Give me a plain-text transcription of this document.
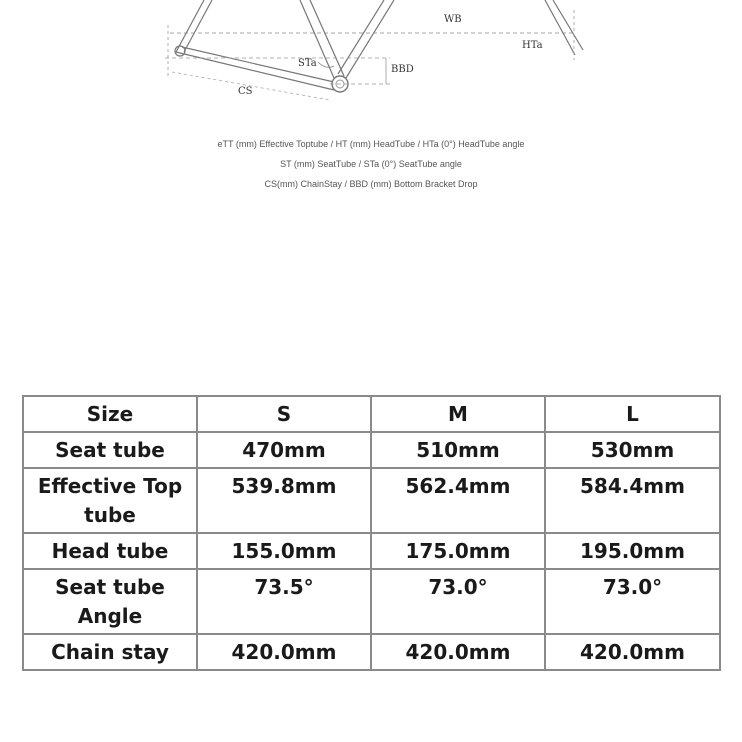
WB
HTa
STa
BBD
CS
eTT (mm) Effective Toptube / HT (mm) HeadTube / HTa (0°) HeadTube angle
ST (mm) SeatTube / STa (0°) SeatTube angle
CS(mm) ChainStay / BBD (mm) Bottom Bracket Drop
Size	S	M	L
Seat tube	470mm	510mm	530mm
Effective Top tube	539.8mm	562.4mm	584.4mm
Head tube	155.0mm	175.0mm	195.0mm
Seat tube Angle	73.5°	73.0°	73.0°
Chain stay	420.0mm	420.0mm	420.0mm
